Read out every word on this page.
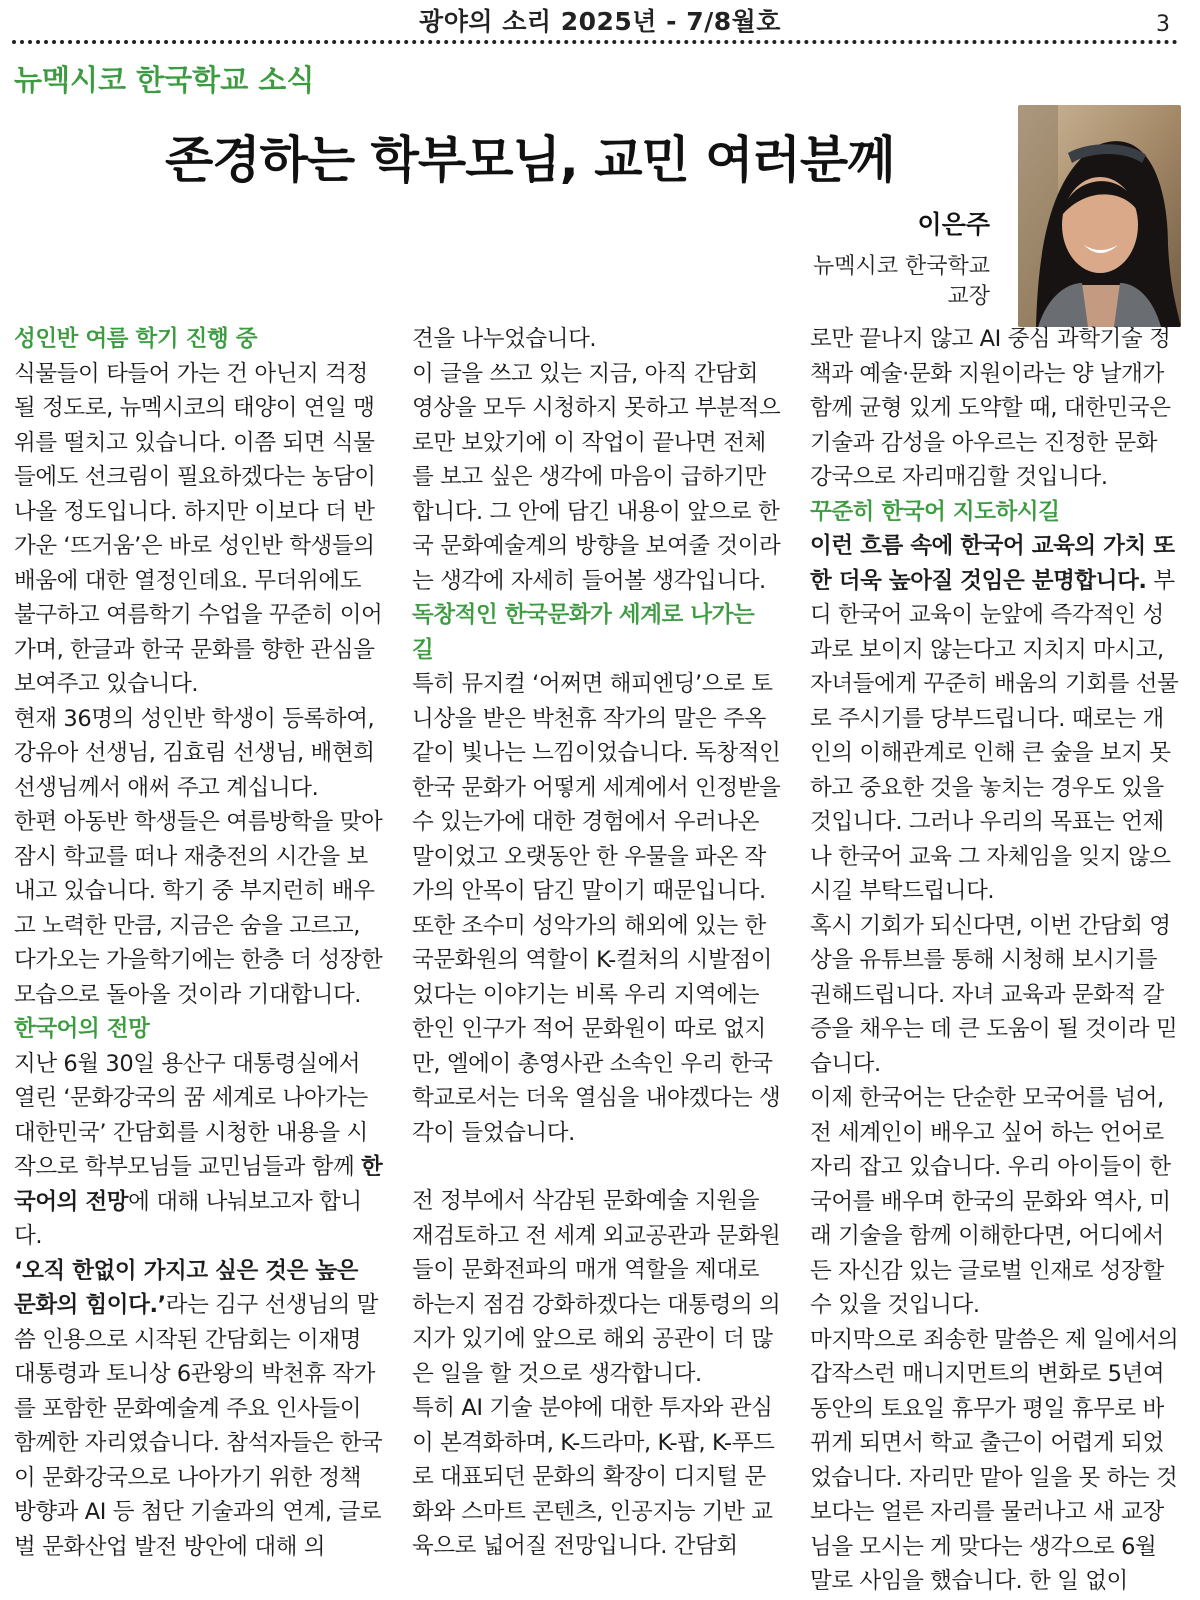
광야의 소리 2025년 - 7/8월호	3
뉴멕시코 한국학교 소식
존경하는 학부모님, 교민 여러분께
이은주
뉴멕시코 한국학교
교장

성인반 여름 학기 진행 중

식물들이 타들어 가는 건 아닌지 걱정될 정도로, 뉴멕시코의 태양이 연일 맹위를 떨치고 있습니다. 이쯤 되면 식물들에도 선크림이 필요하겠다는 농담이 나올 정도입니다. 하지만 이보다 더 반가운 ‘뜨거움’은 바로 성인반 학생들의 배움에 대한 열정인데요. 무더위에도 불구하고 여름학기 수업을 꾸준히 이어가며, 한글과 한국 문화를 향한 관심을 보여주고 있습니다.

현재 36명의 성인반 학생이 등록하여, 강유아 선생님, 김효림 선생님, 배현희 선생님께서 애써 주고 계십니다.

한편 아동반 학생들은 여름방학을 맞아 잠시 학교를 떠나 재충전의 시간을 보내고 있습니다. 학기 중 부지런히 배우고 노력한 만큼, 지금은 숨을 고르고, 다가오는 가을학기에는 한층 더 성장한 모습으로 돌아올 것이라 기대합니다.

한국어의 전망

지난 6월 30일 용산구 대통령실에서 열린 ‘문화강국의 꿈 세계로 나아가는 대한민국’ 간담회를 시청한 내용을 시작으로 학부모님들 교민님들과 함께 한국어의 전망에 대해 나눠보고자 합니다.

‘오직 한없이 가지고 싶은 것은 높은 문화의 힘이다.’라는 김구 선생님의 말씀 인용으로 시작된 간담회는 이재명 대통령과 토니상 6관왕의 박천휴 작가를 포함한 문화예술계 주요 인사들이 함께한 자리였습니다. 참석자들은 한국이 문화강국으로 나아가기 위한 정책 방향과 AI 등 첨단 기술과의 연계, 글로벌 문화산업 발전 방안에 대해 의

견을 나누었습니다.

이 글을 쓰고 있는 지금, 아직 간담회 영상을 모두 시청하지 못하고 부분적으로만 보았기에 이 작업이 끝나면 전체를 보고 싶은 생각에 마음이 급하기만 합니다. 그 안에 담긴 내용이 앞으로 한국 문화예술계의 방향을 보여줄 것이라는 생각에 자세히 들어볼 생각입니다.

독창적인 한국문화가 세계로 나가는 길

특히 뮤지컬 ‘어쩌면 해피엔딩’으로 토니상을 받은 박천휴 작가의 말은 주옥같이 빛나는 느낌이었습니다. 독창적인 한국 문화가 어떻게 세계에서 인정받을 수 있는가에 대한 경험에서 우러나온 말이었고 오랫동안 한 우물을 파온 작가의 안목이 담긴 말이기 때문입니다. 또한 조수미 성악가의 해외에 있는 한국문화원의 역할이 K-컬처의 시발점이었다는 이야기는 비록 우리 지역에는 한인 인구가 적어 문화원이 따로 없지만, 엘에이 총영사관 소속인 우리 한국학교로서는 더욱 열심을 내야겠다는 생각이 들었습니다.

전 정부에서 삭감된 문화예술 지원을 재검토하고 전 세계 외교공관과 문화원들이 문화전파의 매개 역할을 제대로 하는지 점검 강화하겠다는 대통령의 의지가 있기에 앞으로 해외 공관이 더 많은 일을 할 것으로 생각합니다.

특히 AI 기술 분야에 대한 투자와 관심이 본격화하며, K-드라마, K-팝, K-푸드로 대표되던 문화의 확장이 디지털 문화와 스마트 콘텐츠, 인공지능 기반 교육으로 넓어질 전망입니다. 간담회

로만 끝나지 않고 AI 중심 과학기술 정책과 예술·문화 지원이라는 양 날개가 함께 균형 있게 도약할 때, 대한민국은 기술과 감성을 아우르는 진정한 문화 강국으로 자리매김할 것입니다.

꾸준히 한국어 지도하시길

이런 흐름 속에 한국어 교육의 가치 또한 더욱 높아질 것임은 분명합니다. 부디 한국어 교육이 눈앞에 즉각적인 성과로 보이지 않는다고 지치지 마시고, 자녀들에게 꾸준히 배움의 기회를 선물로 주시기를 당부드립니다. 때로는 개인의 이해관계로 인해 큰 숲을 보지 못하고 중요한 것을 놓치는 경우도 있을 것입니다. 그러나 우리의 목표는 언제나 한국어 교육 그 자체임을 잊지 않으시길 부탁드립니다.

혹시 기회가 되신다면, 이번 간담회 영상을 유튜브를 통해 시청해 보시기를 권해드립니다. 자녀 교육과 문화적 갈증을 채우는 데 큰 도움이 될 것이라 믿습니다.

이제 한국어는 단순한 모국어를 넘어, 전 세계인이 배우고 싶어 하는 언어로 자리 잡고 있습니다. 우리 아이들이 한국어를 배우며 한국의 문화와 역사, 미래 기술을 함께 이해한다면, 어디에서든 자신감 있는 글로벌 인재로 성장할 수 있을 것입니다.

마지막으로 죄송한 말씀은 제 일에서의 갑작스런 매니지먼트의 변화로 5년여 동안의 토요일 휴무가 평일 휴무로 바뀌게 되면서 학교 출근이 어렵게 되었었습니다. 자리만 맡아 일을 못 하는 것보다는 얼른 자리를 물러나고 새 교장님을 모시는 게 맞다는 생각으로 6월 말로 사임을 했습니다. 한 일 없이
